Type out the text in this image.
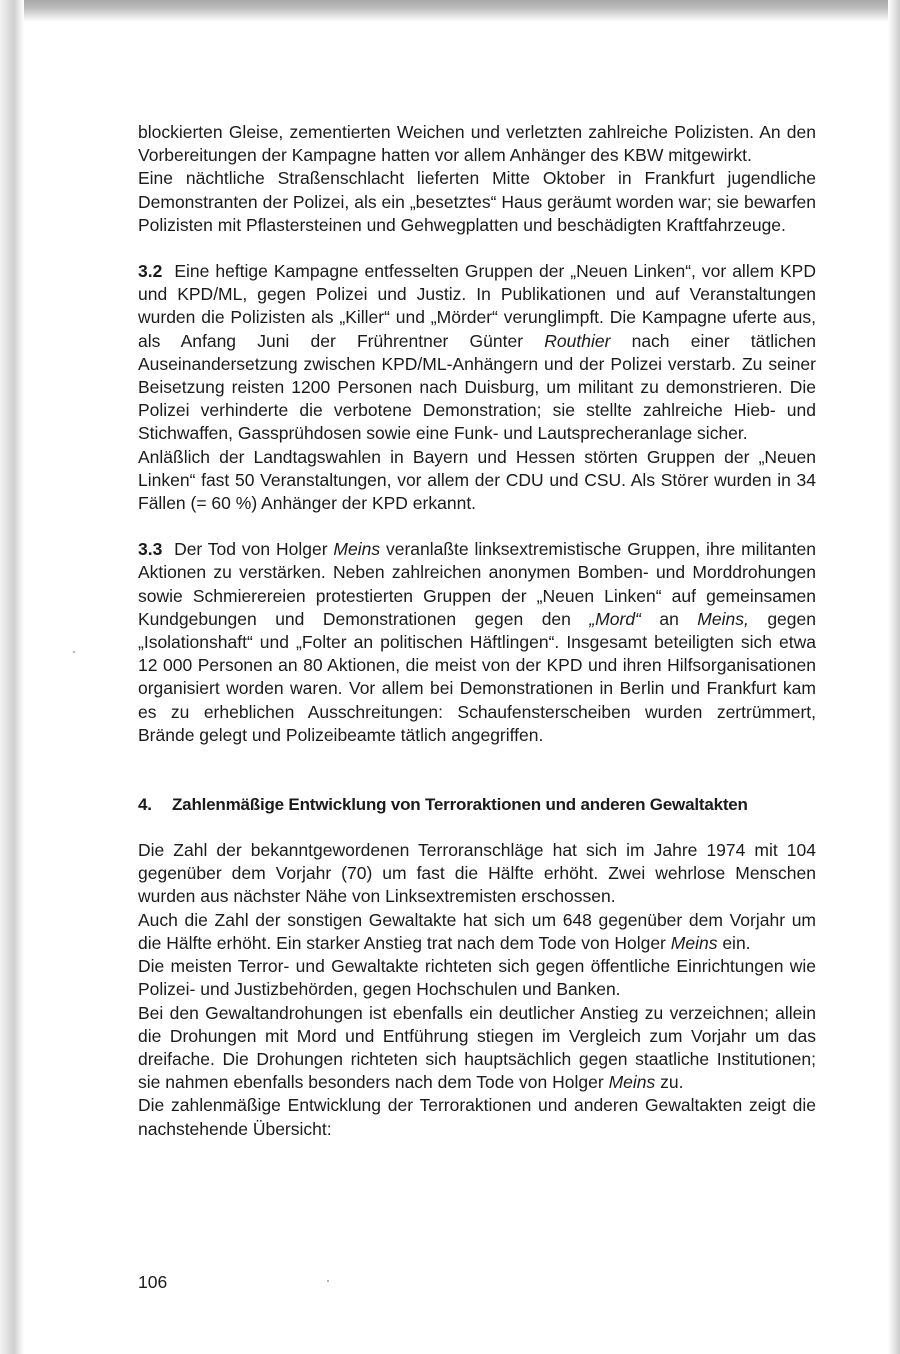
blockierten Gleise, zementierten Weichen und verletzten zahlreiche Polizisten. An den Vorbereitungen der Kampagne hatten vor allem Anhänger des KBW mitgewirkt.

Eine nächtliche Straßenschlacht lieferten Mitte Oktober in Frankfurt jugendliche Demonstranten der Polizei, als ein „besetztes“ Haus geräumt worden war; sie bewarfen Polizisten mit Pflastersteinen und Gehwegplatten und beschädigten Kraftfahrzeuge.

3.2 Eine heftige Kampagne entfesselten Gruppen der „Neuen Linken“, vor allem KPD und KPD/ML, gegen Polizei und Justiz. In Publikationen und auf Veranstaltungen wurden die Polizisten als „Killer“ und „Mörder“ verunglimpft. Die Kampagne uferte aus, als Anfang Juni der Frührentner Günter Routhier nach einer tätlichen Auseinandersetzung zwischen KPD/ML-Anhängern und der Polizei verstarb. Zu seiner Beisetzung reisten 1200 Personen nach Duisburg, um militant zu demonstrieren. Die Polizei verhinderte die verbotene Demonstration; sie stellte zahlreiche Hieb- und Stichwaffen, Gassprühdosen sowie eine Funk- und Lautsprecheranlage sicher.

Anläßlich der Landtagswahlen in Bayern und Hessen störten Gruppen der „Neuen Linken“ fast 50 Veranstaltungen, vor allem der CDU und CSU. Als Störer wurden in 34 Fällen (= 60 %) Anhänger der KPD erkannt.

3.3 Der Tod von Holger Meins veranlaßte linksextremistische Gruppen, ihre militanten Aktionen zu verstärken. Neben zahlreichen anonymen Bomben- und Morddrohungen sowie Schmierereien protestierten Gruppen der „Neuen Linken“ auf gemeinsamen Kundgebungen und Demonstrationen gegen den „Mord“ an Meins, gegen „Isolationshaft“ und „Folter an politischen Häftlingen“. Insgesamt beteiligten sich etwa 12 000 Personen an 80 Aktionen, die meist von der KPD und ihren Hilfsorganisationen organisiert worden waren. Vor allem bei Demonstrationen in Berlin und Frankfurt kam es zu erheblichen Ausschreitungen: Schaufensterscheiben wurden zertrümmert, Brände gelegt und Polizeibeamte tätlich angegriffen.

4. Zahlenmäßige Entwicklung von Terroraktionen und anderen Gewaltakten

Die Zahl der bekanntgewordenen Terroranschläge hat sich im Jahre 1974 mit 104 gegenüber dem Vorjahr (70) um fast die Hälfte erhöht. Zwei wehrlose Menschen wurden aus nächster Nähe von Linksextremisten erschossen.

Auch die Zahl der sonstigen Gewaltakte hat sich um 648 gegenüber dem Vorjahr um die Hälfte erhöht. Ein starker Anstieg trat nach dem Tode von Holger Meins ein.

Die meisten Terror- und Gewaltakte richteten sich gegen öffentliche Einrichtungen wie Polizei- und Justizbehörden, gegen Hochschulen und Banken.

Bei den Gewaltandrohungen ist ebenfalls ein deutlicher Anstieg zu verzeichnen; allein die Drohungen mit Mord und Entführung stiegen im Vergleich zum Vorjahr um das dreifache. Die Drohungen richteten sich hauptsächlich gegen staatliche Institutionen; sie nahmen ebenfalls besonders nach dem Tode von Holger Meins zu.

Die zahlenmäßige Entwicklung der Terroraktionen und anderen Gewaltakten zeigt die nachstehende Übersicht:

106
